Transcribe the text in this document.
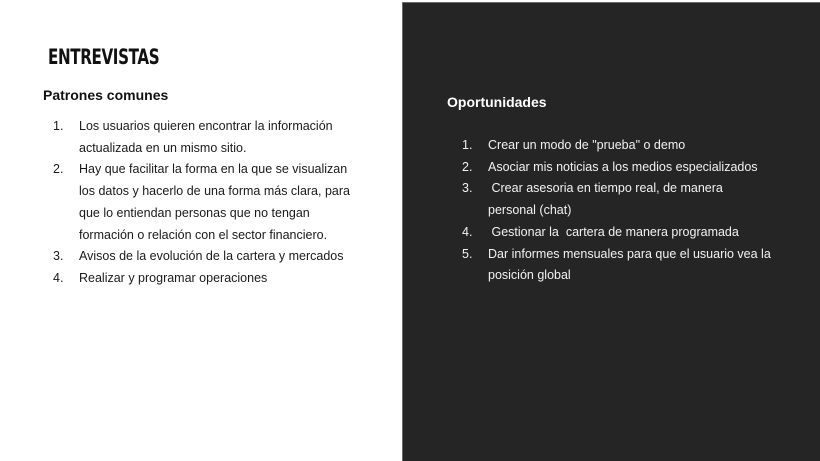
ENTREVISTAS
Patrones comunes
1.	Los usuarios quieren encontrar la información actualizada en un mismo sitio.
2.	Hay que facilitar la forma en la que se visualizan los datos y hacerlo de una forma más clara, para que lo entiendan personas que no tengan formación o relación con el sector financiero.
3.	Avisos de la evolución de la cartera y mercados
4.	Realizar y programar operaciones
Oportunidades
1.	Crear un modo de "prueba" o demo
2.	Asociar mis noticias a los medios especializados
3.	Crear asesoria en tiempo real, de manera personal (chat)
4.	Gestionar la  cartera de manera programada
5.	Dar informes mensuales para que el usuario vea la posición global
